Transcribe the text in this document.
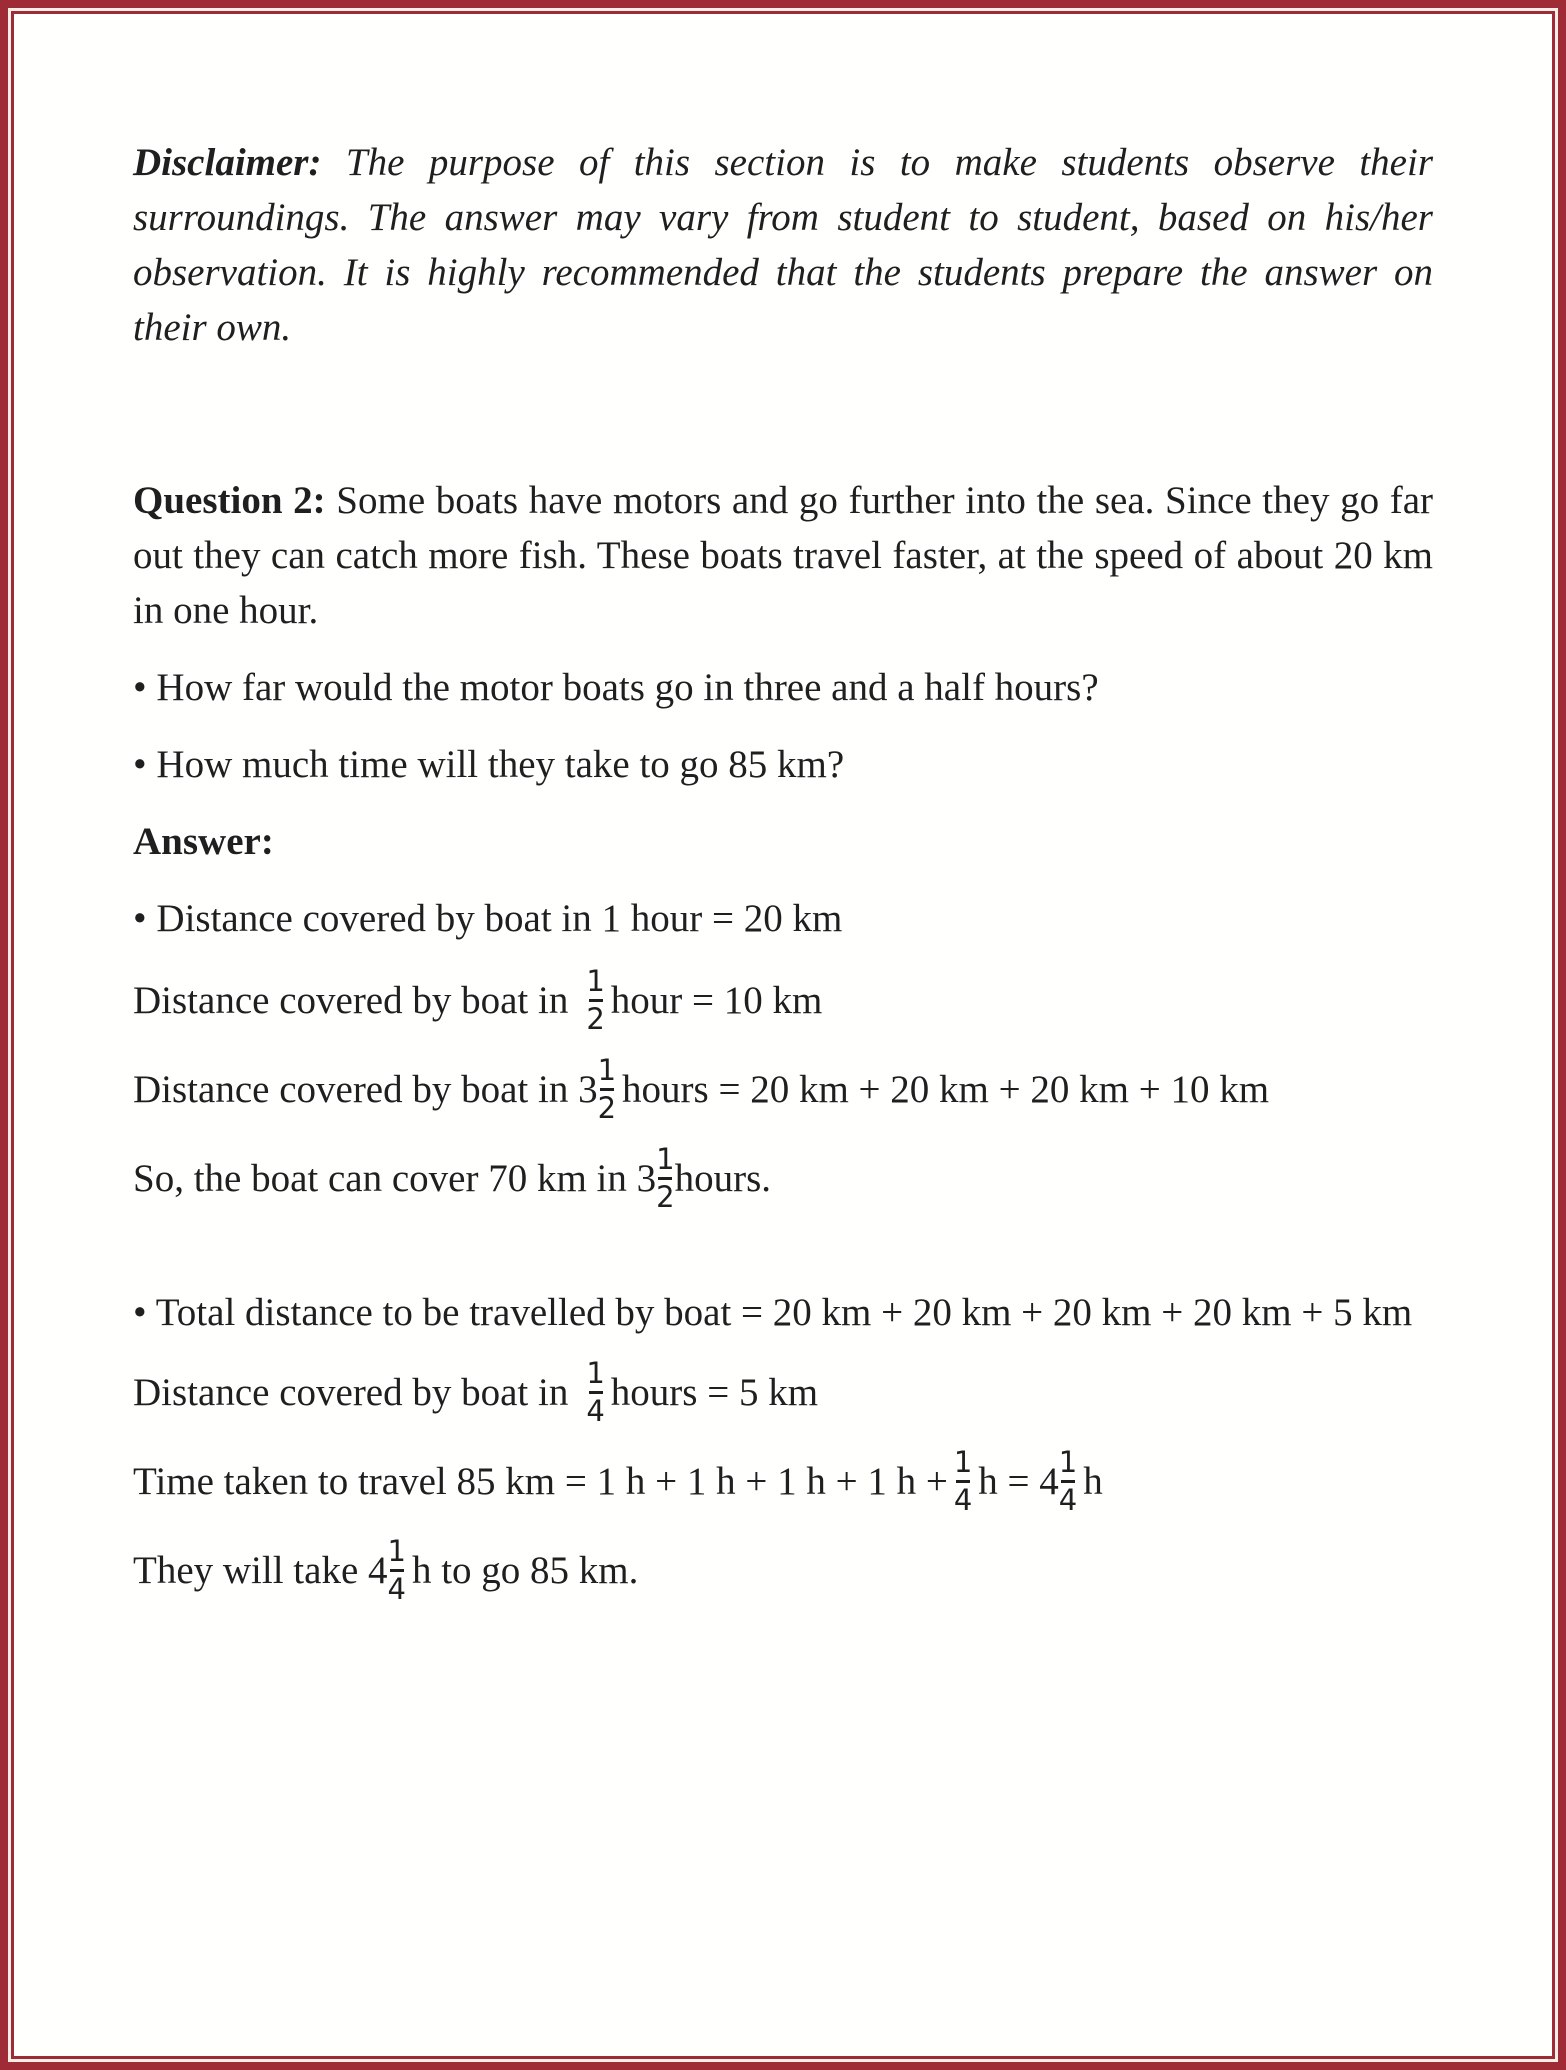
Disclaimer: The purpose of this section is to make students observe their surroundings. The answer may vary from student to student, based on his/her observation. It is highly recommended that the students prepare the answer on their own.

Question 2: Some boats have motors and go further into the sea. Since they go far out they can catch more fish. These boats travel faster, at the speed of about 20 km in one hour.

• How far would the motor boats go in three and a half hours?

• How much time will they take to go 85 km?

Answer:

• Distance covered by boat in 1 hour = 20 km

Distance covered by boat in $\frac{1}{2}$ hour = 10 km
Distance covered by boat in $3 \frac{1}{2}$ hours = 20 km + 20 km + 20 km + 10 km
So, the boat can cover 70 km in $3 \frac{1}{2}$ hours.

• Total distance to be travelled by boat = 20 km + 20 km + 20 km + 20 km + 5 km

Distance covered by boat in $\frac{1}{4}$ hours = 5 km
Time taken to travel 85 km = 1 h + 1 h + 1 h + 1 $h + \frac{1}{4}$ $h = 4 \frac{1}{4}$ h
They will take $4 \frac{1}{4}$ h to go 85 km.
